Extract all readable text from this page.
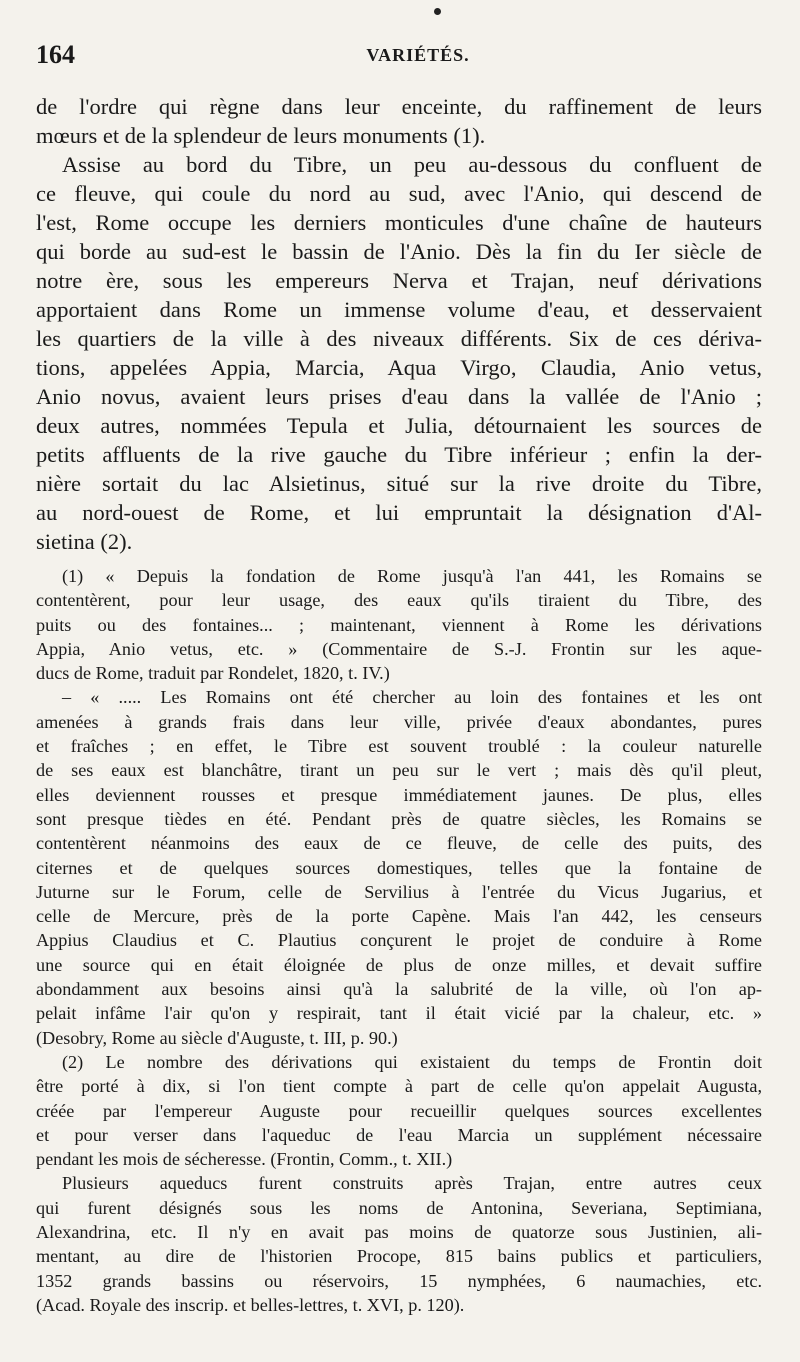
164	VARIÉTÉS.
de l'ordre qui règne dans leur enceinte, du raffinement de leurs
mœurs et de la splendeur de leurs monuments (1).
Assise au bord du Tibre, un peu au-dessous du confluent de
ce fleuve, qui coule du nord au sud, avec l'Anio, qui descend de
l'est, Rome occupe les derniers monticules d'une chaîne de hauteurs
qui borde au sud-est le bassin de l'Anio. Dès la fin du Ier siècle de
notre ère, sous les empereurs Nerva et Trajan, neuf dérivations
apportaient dans Rome un immense volume d'eau, et desservaient
les quartiers de la ville à des niveaux différents. Six de ces dériva-
tions, appelées Appia, Marcia, Aqua Virgo, Claudia, Anio vetus,
Anio novus, avaient leurs prises d'eau dans la vallée de l'Anio ;
deux autres, nommées Tepula et Julia, détournaient les sources de
petits affluents de la rive gauche du Tibre inférieur ; enfin la der-
nière sortait du lac Alsietinus, situé sur la rive droite du Tibre,
au nord-ouest de Rome, et lui empruntait la désignation d'Al-
sietina (2).
(1) « Depuis la fondation de Rome jusqu'à l'an 441, les Romains se
contentèrent, pour leur usage, des eaux qu'ils tiraient du Tibre, des
puits ou des fontaines... ; maintenant, viennent à Rome les dérivations
Appia, Anio vetus, etc. » (Commentaire de S.-J. Frontin sur les aque-
ducs de Rome, traduit par Rondelet, 1820, t. IV.)
– « ..... Les Romains ont été chercher au loin des fontaines et les ont
amenées à grands frais dans leur ville, privée d'eaux abondantes, pures
et fraîches ; en effet, le Tibre est souvent troublé : la couleur naturelle
de ses eaux est blanchâtre, tirant un peu sur le vert ; mais dès qu'il pleut,
elles deviennent rousses et presque immédiatement jaunes. De plus, elles
sont presque tièdes en été. Pendant près de quatre siècles, les Romains se
contentèrent néanmoins des eaux de ce fleuve, de celle des puits, des
citernes et de quelques sources domestiques, telles que la fontaine de
Juturne sur le Forum, celle de Servilius à l'entrée du Vicus Jugarius, et
celle de Mercure, près de la porte Capène. Mais l'an 442, les censeurs
Appius Claudius et C. Plautius conçurent le projet de conduire à Rome
une source qui en était éloignée de plus de onze milles, et devait suffire
abondamment aux besoins ainsi qu'à la salubrité de la ville, où l'on ap-
pelait infâme l'air qu'on y respirait, tant il était vicié par la chaleur, etc. »
(Desobry, Rome au siècle d'Auguste, t. III, p. 90.)
(2) Le nombre des dérivations qui existaient du temps de Frontin doit
être porté à dix, si l'on tient compte à part de celle qu'on appelait Augusta,
créée par l'empereur Auguste pour recueillir quelques sources excellentes
et pour verser dans l'aqueduc de l'eau Marcia un supplément nécessaire
pendant les mois de sécheresse. (Frontin, Comm., t. XII.)
Plusieurs aqueducs furent construits après Trajan, entre autres ceux
qui furent désignés sous les noms de Antonina, Severiana, Septimiana,
Alexandrina, etc. Il n'y en avait pas moins de quatorze sous Justinien, ali-
mentant, au dire de l'historien Procope, 815 bains publics et particuliers,
1352 grands bassins ou réservoirs, 15 nymphées, 6 naumachies, etc.
(Acad. Royale des inscrip. et belles-lettres, t. XVI, p. 120).
